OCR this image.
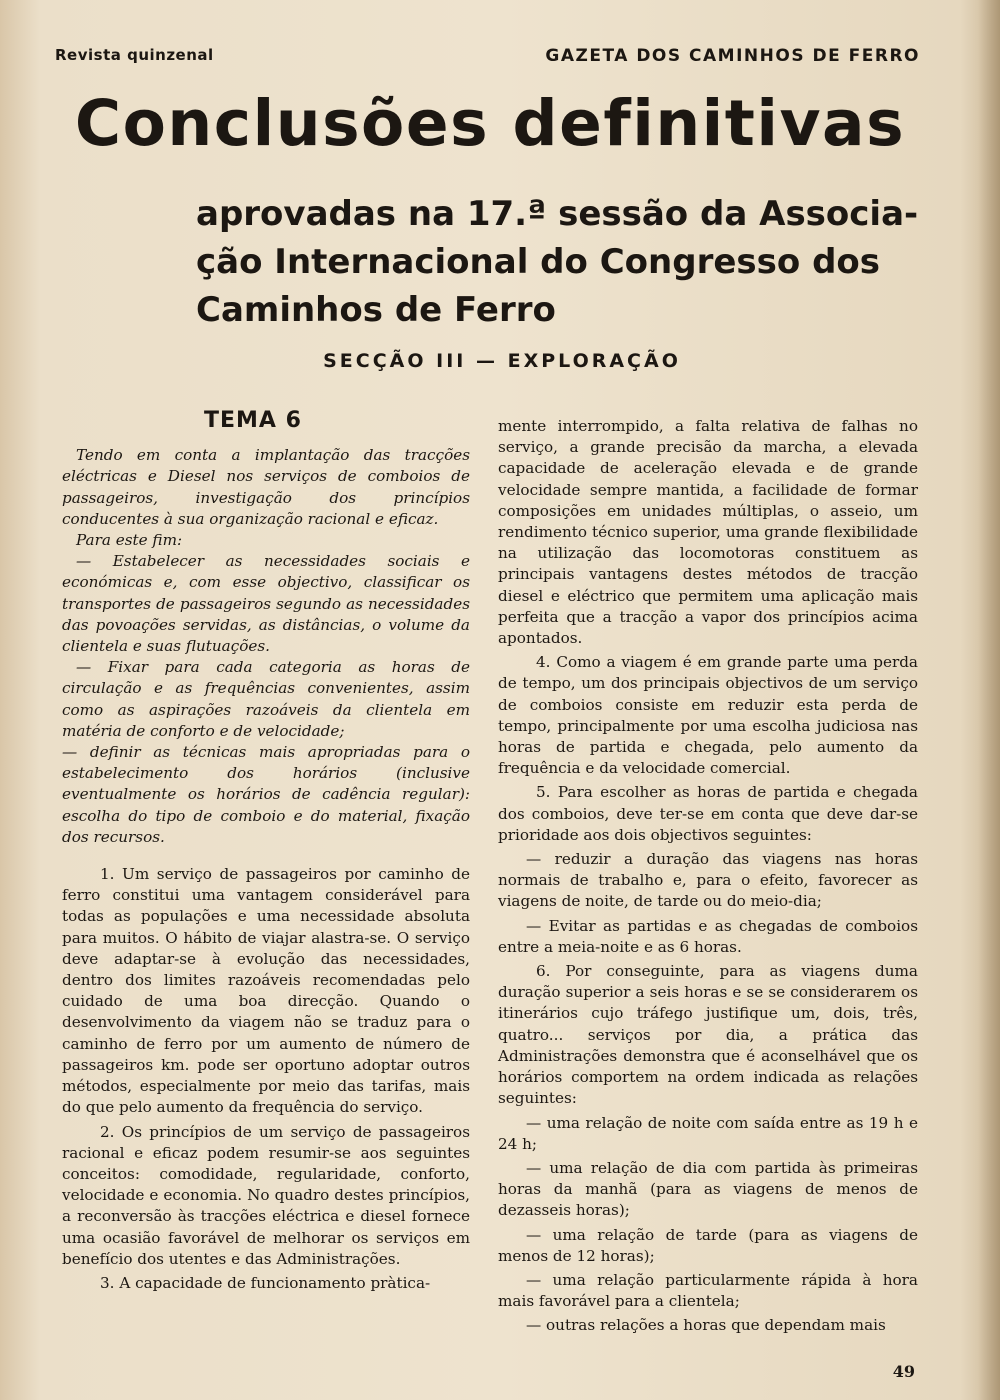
Revista quinzenal	GAZETA DOS CAMINHOS DE FERRO
Conclusões definitivas
aprovadas na 17.ª sessão da Associa-
ção Internacional do Congresso dos
Caminhos de Ferro
SECÇÃO III — EXPLORAÇÃO
TEMA 6

Tendo em conta a implantação das tracções eléctricas e Diesel nos serviços de comboios de passageiros, investigação dos princípios conducentes à sua organização racional e eficaz.

Para este fim:

— Estabelecer as necessidades sociais e económicas e, com esse objectivo, classificar os transportes de passageiros segundo as necessidades das povoações servidas, as distâncias, o volume da clientela e suas flutuações.

— Fixar para cada categoria as horas de circulação e as frequências convenientes, assim como as aspirações razoáveis da clientela em matéria de conforto e de velocidade;

— definir as técnicas mais apropriadas para o estabelecimento dos horários (inclusive eventualmente os horários de cadência regular): escolha do tipo de comboio e do material, fixação dos recursos.

1. Um serviço de passageiros por caminho de ferro constitui uma vantagem considerável para todas as populações e uma necessidade absoluta para muitos. O hábito de viajar alastra-se. O serviço deve adaptar-se à evolução das necessidades, dentro dos limites razoáveis recomendadas pelo cuidado de uma boa direcção. Quando o desenvolvimento da viagem não se traduz para o caminho de ferro por um aumento de número de passageiros km. pode ser oportuno adoptar outros métodos, especialmente por meio das tarifas, mais do que pelo aumento da frequência do serviço.

2. Os princípios de um serviço de passageiros racional e eficaz podem resumir-se aos seguintes conceitos: comodidade, regularidade, conforto, velocidade e economia. No quadro destes princípios, a reconversão às tracções eléctrica e diesel fornece uma ocasião favorável de melhorar os serviços em benefício dos utentes e das Administrações.

3. A capacidade de funcionamento pràtica-

mente interrompido, a falta relativa de falhas no serviço, a grande precisão da marcha, a elevada capacidade de aceleração elevada e de grande velocidade sempre mantida, a facilidade de formar composições em unidades múltiplas, o asseio, um rendimento técnico superior, uma grande flexibilidade na utilização das locomotoras constituem as principais vantagens destes métodos de tracção diesel e eléctrico que permitem uma aplicação mais perfeita que a tracção a vapor dos princípios acima apontados.

4. Como a viagem é em grande parte uma perda de tempo, um dos principais objectivos de um serviço de comboios consiste em reduzir esta perda de tempo, principalmente por uma escolha judiciosa nas horas de partida e chegada, pelo aumento da frequência e da velocidade comercial.

5. Para escolher as horas de partida e chegada dos comboios, deve ter-se em conta que deve dar-se prioridade aos dois objectivos seguintes:

— reduzir a duração das viagens nas horas normais de trabalho e, para o efeito, favorecer as viagens de noite, de tarde ou do meio-dia;

— Evitar as partidas e as chegadas de comboios entre a meia-noite e as 6 horas.

6. Por conseguinte, para as viagens duma duração superior a seis horas e se se considerarem os itinerários cujo tráfego justifique um, dois, três, quatro... serviços por dia, a prática das Administrações demonstra que é aconselhável que os horários comportem na ordem indicada as relações seguintes:

— uma relação de noite com saída entre as 19 h e 24 h;

— uma relação de dia com partida às primeiras horas da manhã (para as viagens de menos de dezasseis horas);

— uma relação de tarde (para as viagens de menos de 12 horas);

— uma relação particularmente rápida à hora mais favorável para a clientela;

— outras relações a horas que dependam mais

49
